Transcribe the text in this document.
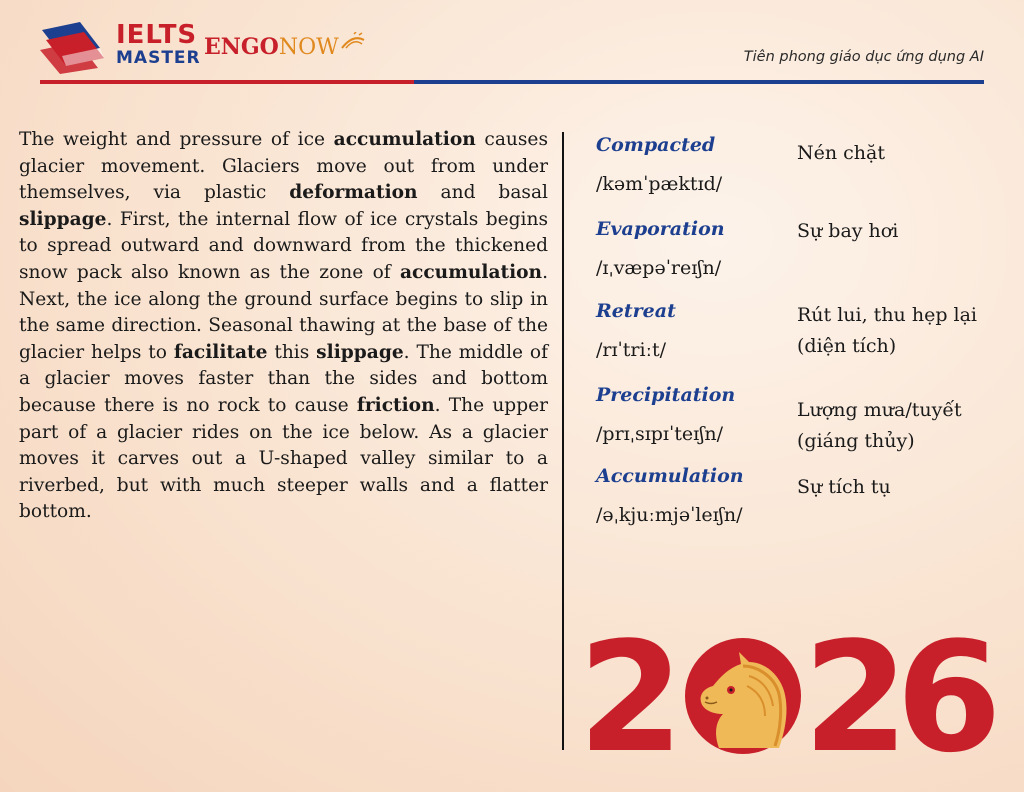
IELTS
MASTER ENGONOW	Tiên phong giáo dục ứng dụng AI

The weight and pressure of ice accumulation causes glacier movement. Glaciers move out from under themselves, via plastic deformation and basal slippage. First, the internal flow of ice crystals begins to spread outward and downward from the thickened snow pack also known as the zone of accumulation. Next, the ice along the ground surface begins to slip in the same direction. Seasonal thawing at the base of the glacier helps to facilitate this slippage. The middle of a glacier moves faster than the sides and bottom because there is no rock to cause friction. The upper part of a glacier rides on the ice below. As a glacier moves it carves out a U-shaped valley similar to a riverbed, but with much steeper walls and a flatter bottom.

Compacted
/kəmˈpæktɪd/
Nén chặt
Evaporation
/ɪˌvæpəˈreɪʃn/
Sự bay hơi
Retreat
/rɪˈtriːt/
Rút lui, thu hẹp lại (diện tích)
Precipitation
/prɪˌsɪpɪˈteɪʃn/
Lượng mưa/tuyết (giáng thủy)
Accumulation
/əˌkjuːmjəˈleɪʃn/
Sự tích tụ
2 2
6
